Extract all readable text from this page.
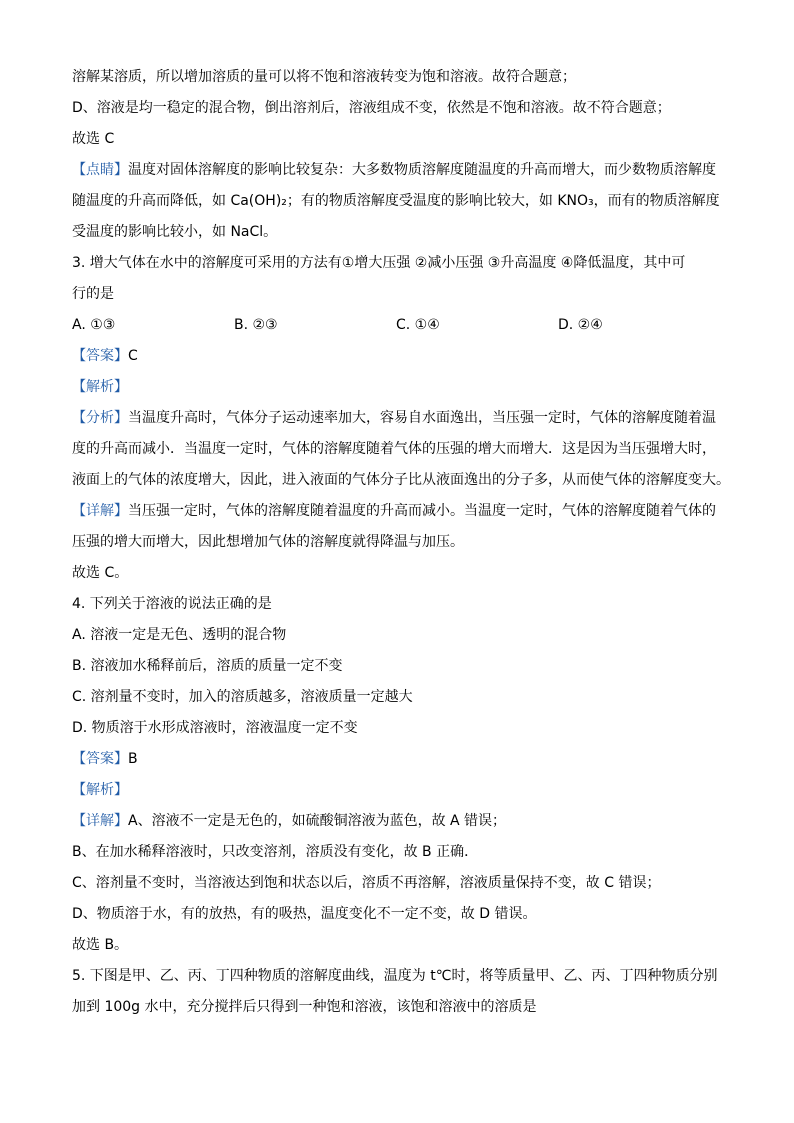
溶解某溶质，所以增加溶质的量可以将不饱和溶液转变为饱和溶液。故符合题意；
D、溶液是均一稳定的混合物，倒出溶剂后，溶液组成不变，依然是不饱和溶液。故不符合题意；
故选 C
【点睛】温度对固体溶解度的影响比较复杂：大多数物质溶解度随温度的升高而增大，而少数物质溶解度
随温度的升高而降低，如 Ca(OH)₂；有的物质溶解度受温度的影响比较大，如 KNO₃，而有的物质溶解度
受温度的影响比较小，如 NaCl。
3. 增大气体在水中的溶解度可采用的方法有①增大压强 ②减小压强 ③升高温度 ④降低温度，其中可
行的是
A. ①③	B. ②③	C. ①④	D. ②④
【答案】C
【解析】
【分析】当温度升高时，气体分子运动速率加大，容易自水面逸出，当压强一定时，气体的溶解度随着温
度的升高而减小．当温度一定时，气体的溶解度随着气体的压强的增大而增大．这是因为当压强增大时，
液面上的气体的浓度增大，因此，进入液面的气体分子比从液面逸出的分子多，从而使气体的溶解度变大。
【详解】当压强一定时，气体的溶解度随着温度的升高而减小。当温度一定时，气体的溶解度随着气体的
压强的增大而增大，因此想增加气体的溶解度就得降温与加压。
故选 C。
4. 下列关于溶液的说法正确的是
A. 溶液一定是无色、透明的混合物
B. 溶液加水稀释前后，溶质的质量一定不变
C. 溶剂量不变时，加入的溶质越多，溶液质量一定越大
D. 物质溶于水形成溶液时，溶液温度一定不变
【答案】B
【解析】
【详解】A、溶液不一定是无色的，如硫酸铜溶液为蓝色，故 A 错误；
B、在加水稀释溶液时，只改变溶剂，溶质没有变化，故 B 正确．
C、溶剂量不变时，当溶液达到饱和状态以后，溶质不再溶解，溶液质量保持不变，故 C 错误；
D、物质溶于水，有的放热，有的吸热，温度变化不一定不变，故 D 错误。
故选 B。
5. 下图是甲、乙、丙、丁四种物质的溶解度曲线，温度为 t℃时，将等质量甲、乙、丙、丁四种物质分别
加到 100g 水中，充分搅拌后只得到一种饱和溶液，该饱和溶液中的溶质是
